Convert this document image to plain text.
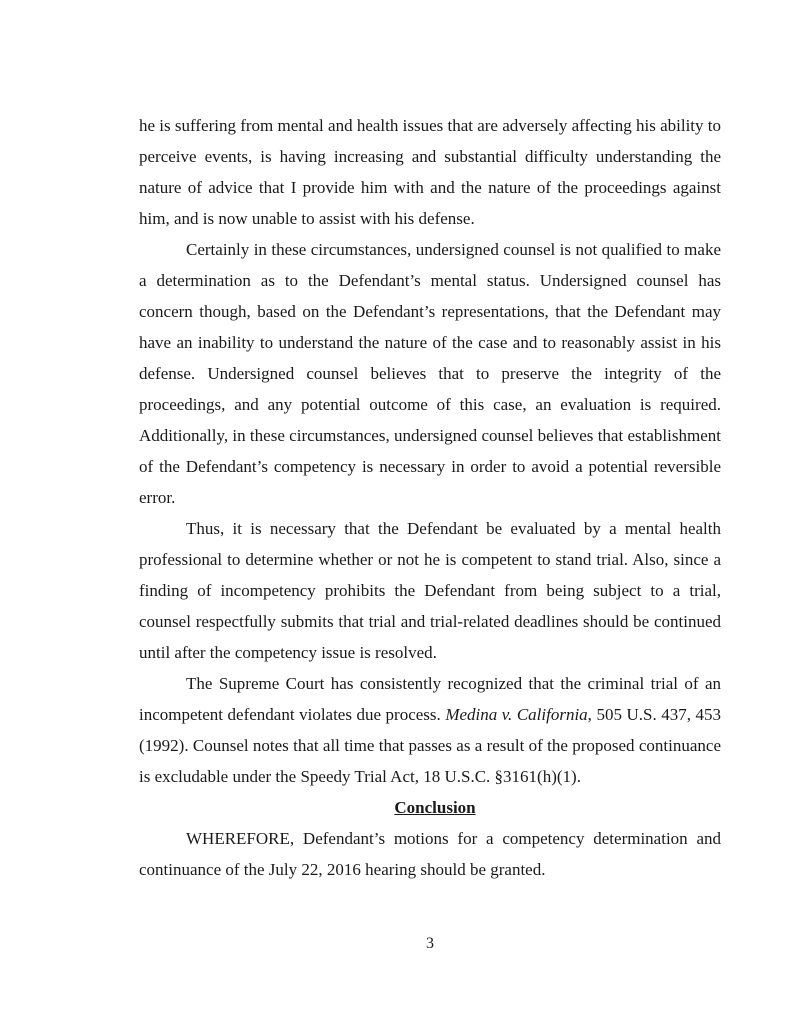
he is suffering from mental and health issues that are adversely affecting his ability to perceive events, is having increasing and substantial difficulty understanding the nature of advice that I provide him with and the nature of the proceedings against him, and is now unable to assist with his defense.

Certainly in these circumstances, undersigned counsel is not qualified to make a determination as to the Defendant’s mental status. Undersigned counsel has concern though, based on the Defendant’s representations, that the Defendant may have an inability to understand the nature of the case and to reasonably assist in his defense. Undersigned counsel believes that to preserve the integrity of the proceedings, and any potential outcome of this case, an evaluation is required. Additionally, in these circumstances, undersigned counsel believes that establishment of the Defendant’s competency is necessary in order to avoid a potential reversible error.

Thus, it is necessary that the Defendant be evaluated by a mental health professional to determine whether or not he is competent to stand trial. Also, since a finding of incompetency prohibits the Defendant from being subject to a trial, counsel respectfully submits that trial and trial-related deadlines should be continued until after the competency issue is resolved.

The Supreme Court has consistently recognized that the criminal trial of an incompetent defendant violates due process. Medina v. California, 505 U.S. 437, 453 (1992). Counsel notes that all time that passes as a result of the proposed continuance is excludable under the Speedy Trial Act, 18 U.S.C. §3161(h)(1).

Conclusion

WHEREFORE, Defendant’s motions for a competency determination and continuance of the July 22, 2016 hearing should be granted.

3
